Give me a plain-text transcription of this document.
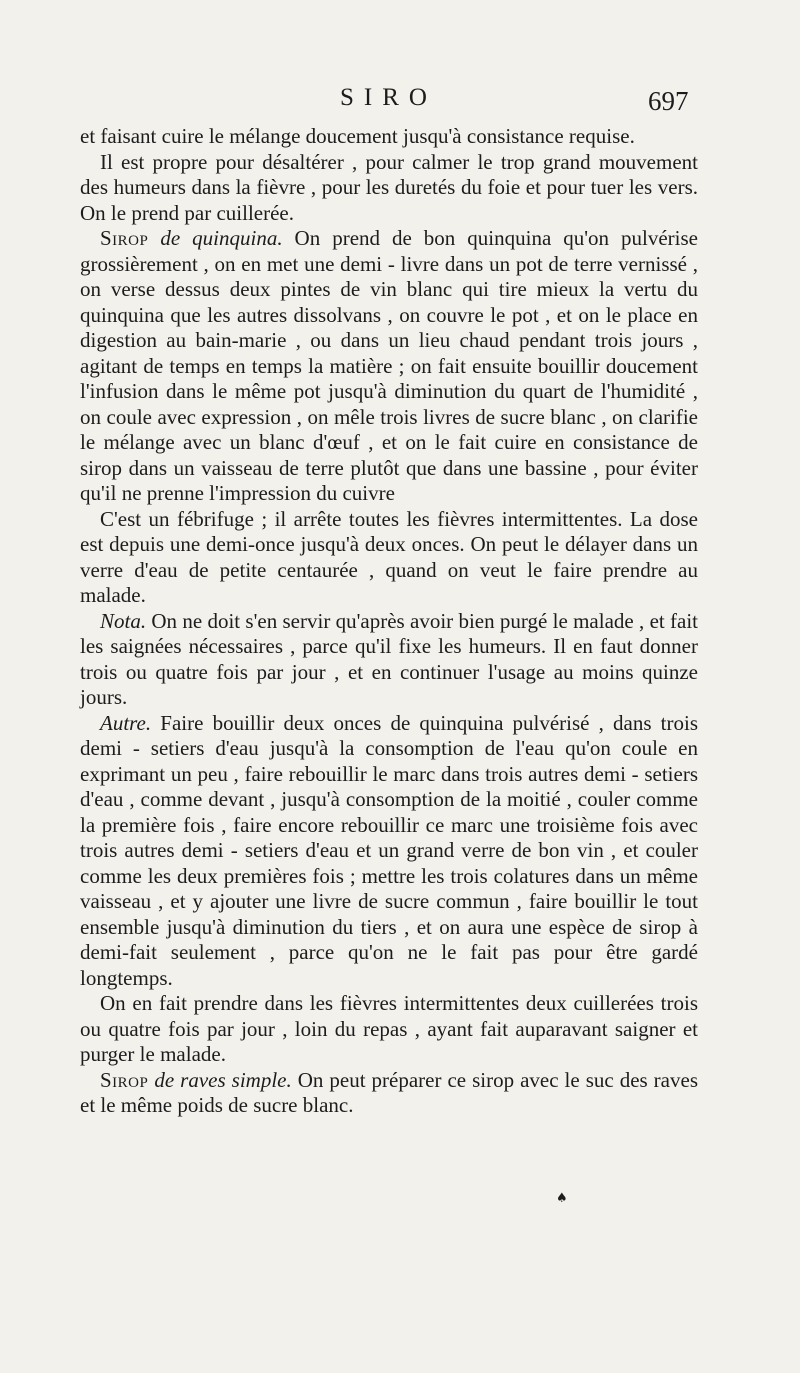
SIRO	697

et faisant cuire le mélange doucement jusqu'à consistance requise.

Il est propre pour désaltérer , pour calmer le trop grand mouvement des humeurs dans la fièvre , pour les duretés du foie et pour tuer les vers. On le prend par cuillerée.

Sirop de quinquina. On prend de bon quinquina qu'on pulvérise grossièrement , on en met une demi - livre dans un pot de terre vernissé , on verse dessus deux pintes de vin blanc qui tire mieux la vertu du quinquina que les autres dissolvans , on couvre le pot , et on le place en digestion au bain-marie , ou dans un lieu chaud pendant trois jours , agitant de temps en temps la matière ; on fait ensuite bouillir doucement l'infusion dans le même pot jusqu'à diminution du quart de l'humidité , on coule avec expression , on mêle trois livres de sucre blanc , on clarifie le mélange avec un blanc d'œuf , et on le fait cuire en consistance de sirop dans un vaisseau de terre plutôt que dans une bassine , pour éviter qu'il ne prenne l'impression du cuivre

C'est un fébrifuge ; il arrête toutes les fièvres intermittentes. La dose est depuis une demi-once jusqu'à deux onces. On peut le délayer dans un verre d'eau de petite centaurée , quand on veut le faire prendre au malade.

Nota. On ne doit s'en servir qu'après avoir bien purgé le malade , et fait les saignées nécessaires , parce qu'il fixe les humeurs. Il en faut donner trois ou quatre fois par jour , et en continuer l'usage au moins quinze jours.

Autre. Faire bouillir deux onces de quinquina pulvérisé , dans trois demi - setiers d'eau jusqu'à la consomption de l'eau qu'on coule en exprimant un peu , faire rebouillir le marc dans trois autres demi - setiers d'eau , comme devant , jusqu'à consomption de la moitié , couler comme la première fois , faire encore rebouillir ce marc une troisième fois avec trois autres demi - setiers d'eau et un grand verre de bon vin , et couler comme les deux premières fois ; mettre les trois colatures dans un même vaisseau , et y ajouter une livre de sucre commun , faire bouillir le tout ensemble jusqu'à diminution du tiers , et on aura une espèce de sirop à demi-fait seulement , parce qu'on ne le fait pas pour être gardé longtemps.

On en fait prendre dans les fièvres intermittentes deux cuillerées trois ou quatre fois par jour , loin du repas , ayant fait auparavant saigner et purger le malade.

Sirop de raves simple. On peut préparer ce sirop avec le suc des raves et le même poids de sucre blanc.

♠
